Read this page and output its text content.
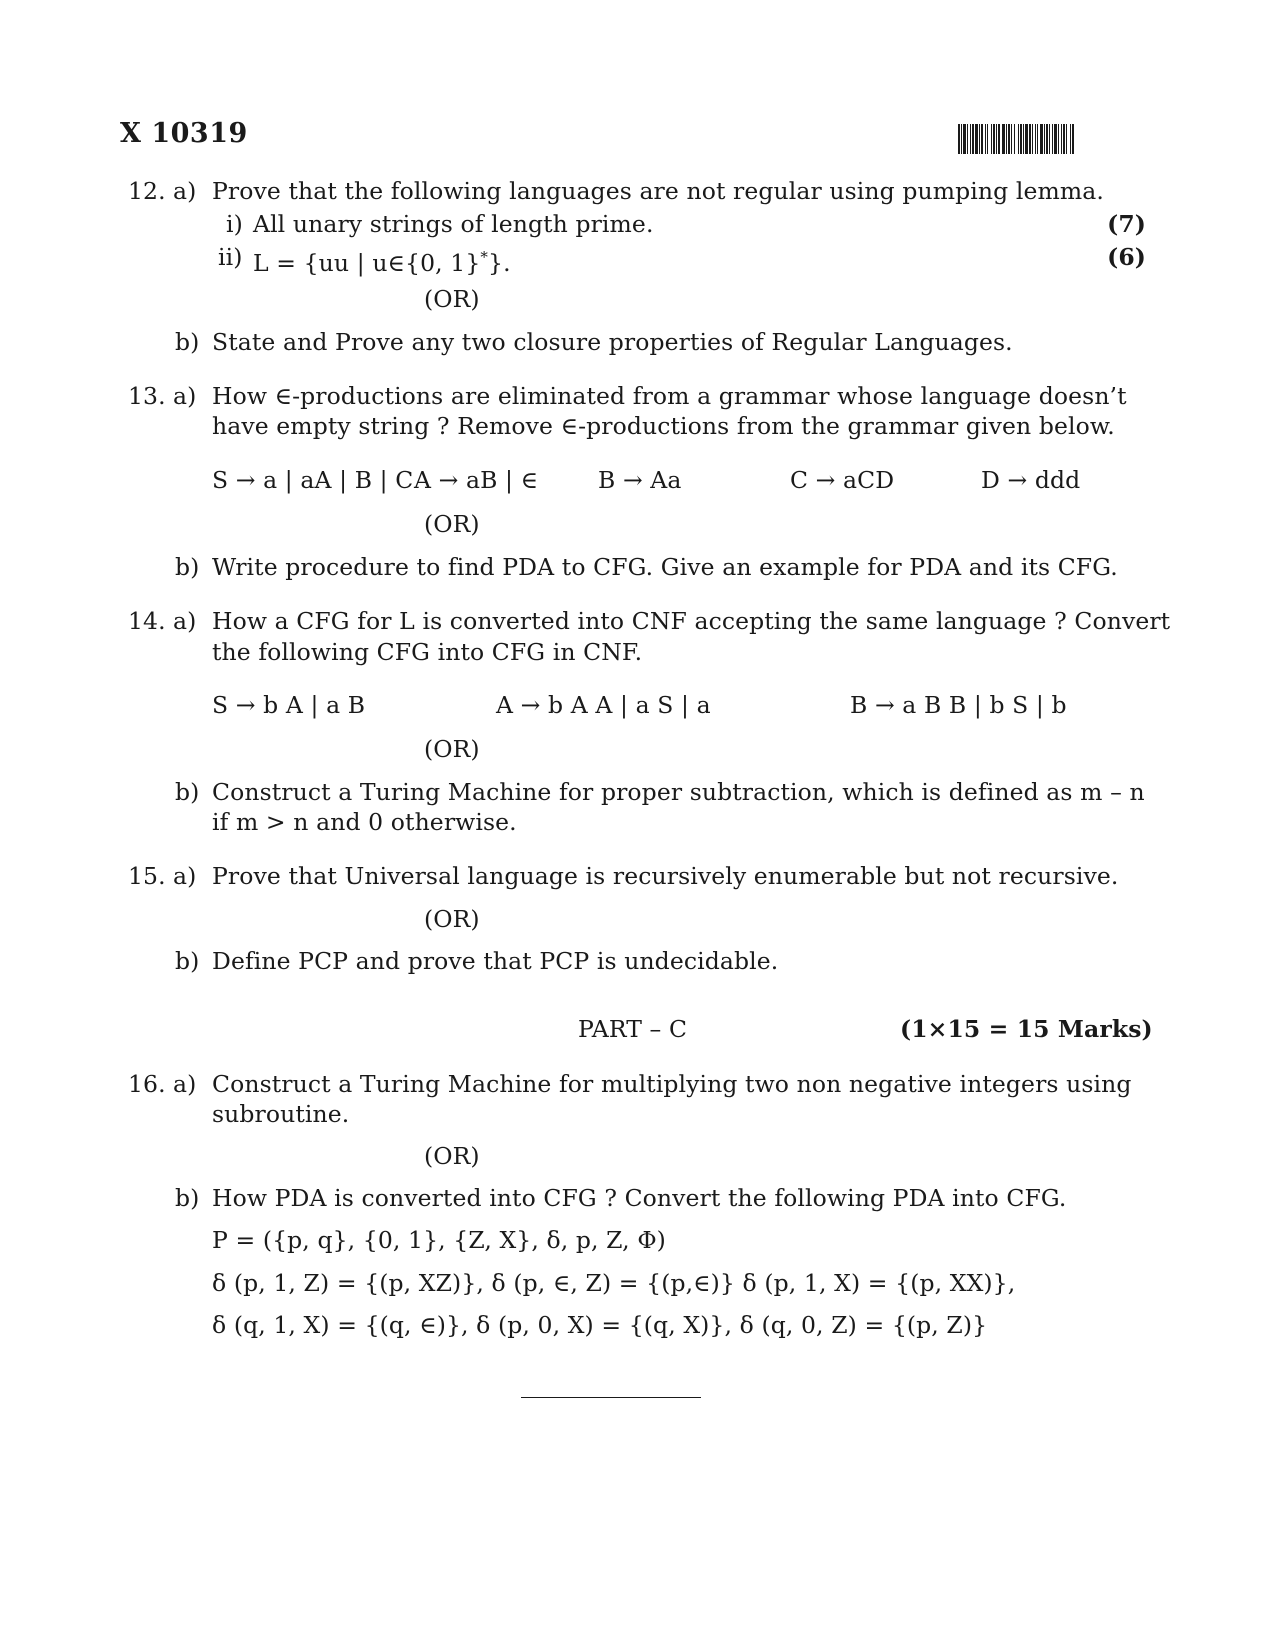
X 10319
12. a) Prove that the following languages are not regular using pumping lemma.
i) All unary strings of length prime.	(7)
ii) L = {uu | u∈{0, 1}*}.	(6)
(OR)
b) State and Prove any two closure properties of Regular Languages.
13. a) How ∈-productions are eliminated from a grammar whose language doesn’t
have empty string ? Remove ∈-productions from the grammar given below.
S → a | aA | B | C A → aB | ∈	B → Aa	C → aCD	D → ddd
(OR)
b) Write procedure to find PDA to CFG. Give an example for PDA and its CFG.
14. a) How a CFG for L is converted into CNF accepting the same language ? Convert
the following CFG into CFG in CNF.
S → b A | a B	A → b A A | a S | a	B → a B B | b S | b
(OR)
b) Construct a Turing Machine for proper subtraction, which is defined as m – n
if m > n and 0 otherwise.
15. a) Prove that Universal language is recursively enumerable but not recursive.
(OR)
b) Define PCP and prove that PCP is undecidable.
PART – C	(1×15 = 15 Marks)
16. a) Construct a Turing Machine for multiplying two non negative integers using
subroutine.
(OR)
b) How PDA is converted into CFG ? Convert the following PDA into CFG.
P = ({p, q}, {0, 1}, {Z, X}, δ, p, Z, Φ)
δ (p, 1, Z) = {(p, XZ)}, δ (p, ∈, Z) = {(p,∈)} δ (p, 1, X) = {(p, XX)},
δ (q, 1, X) = {(q, ∈)}, δ (p, 0, X) = {(q, X)}, δ (q, 0, Z) = {(p, Z)}
